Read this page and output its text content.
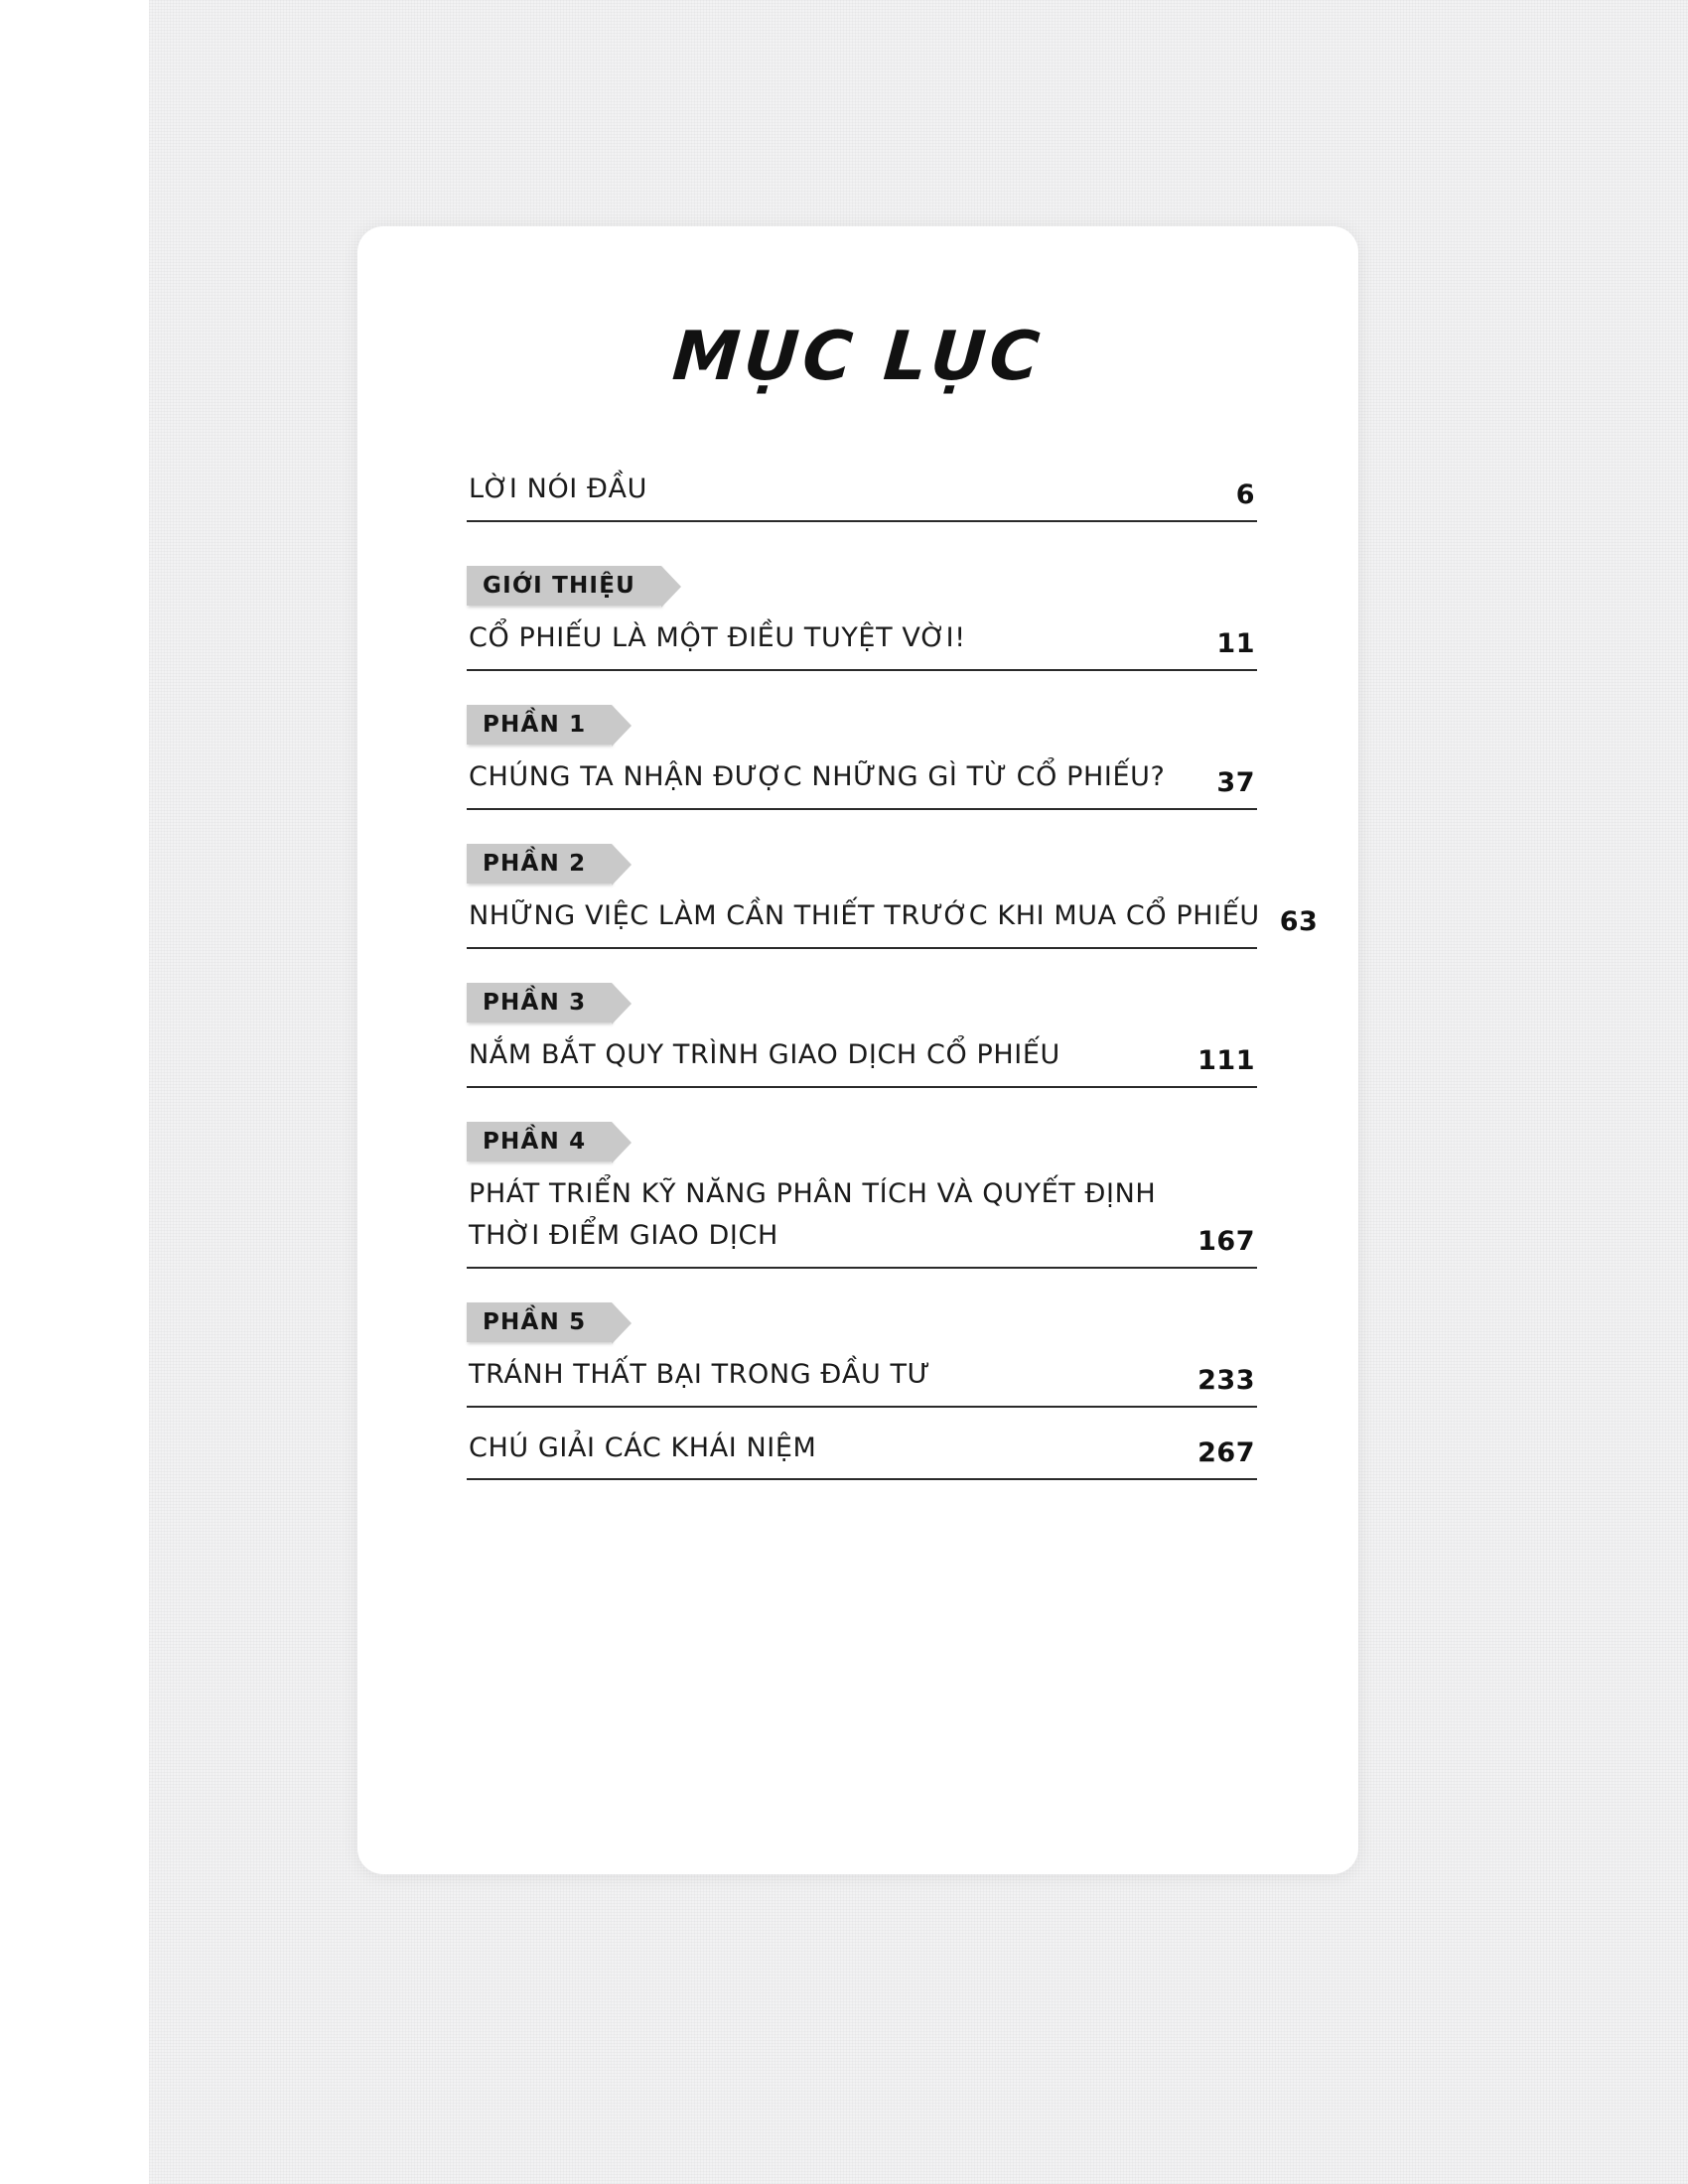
MỤC LỤC
LỜI NÓI ĐẦU	6
GIỚI THIỆU
CỔ PHIẾU LÀ MỘT ĐIỀU TUYỆT VỜI!	11
PHẦN 1
CHÚNG TA NHẬN ĐƯỢC NHỮNG GÌ TỪ CỔ PHIẾU?	37
PHẦN 2
NHỮNG VIỆC LÀM CẦN THIẾT TRƯỚC KHI MUA CỔ PHIẾU 63
PHẦN 3
NẮM BẮT QUY TRÌNH GIAO DỊCH CỔ PHIẾU	111
PHẦN 4
PHÁT TRIỂN KỸ NĂNG PHÂN TÍCH VÀ QUYẾT ĐỊNH
THỜI ĐIỂM GIAO DỊCH	167
PHẦN 5
TRÁNH THẤT BẠI TRONG ĐẦU TƯ	233
CHÚ GIẢI CÁC KHÁI NIỆM	267
